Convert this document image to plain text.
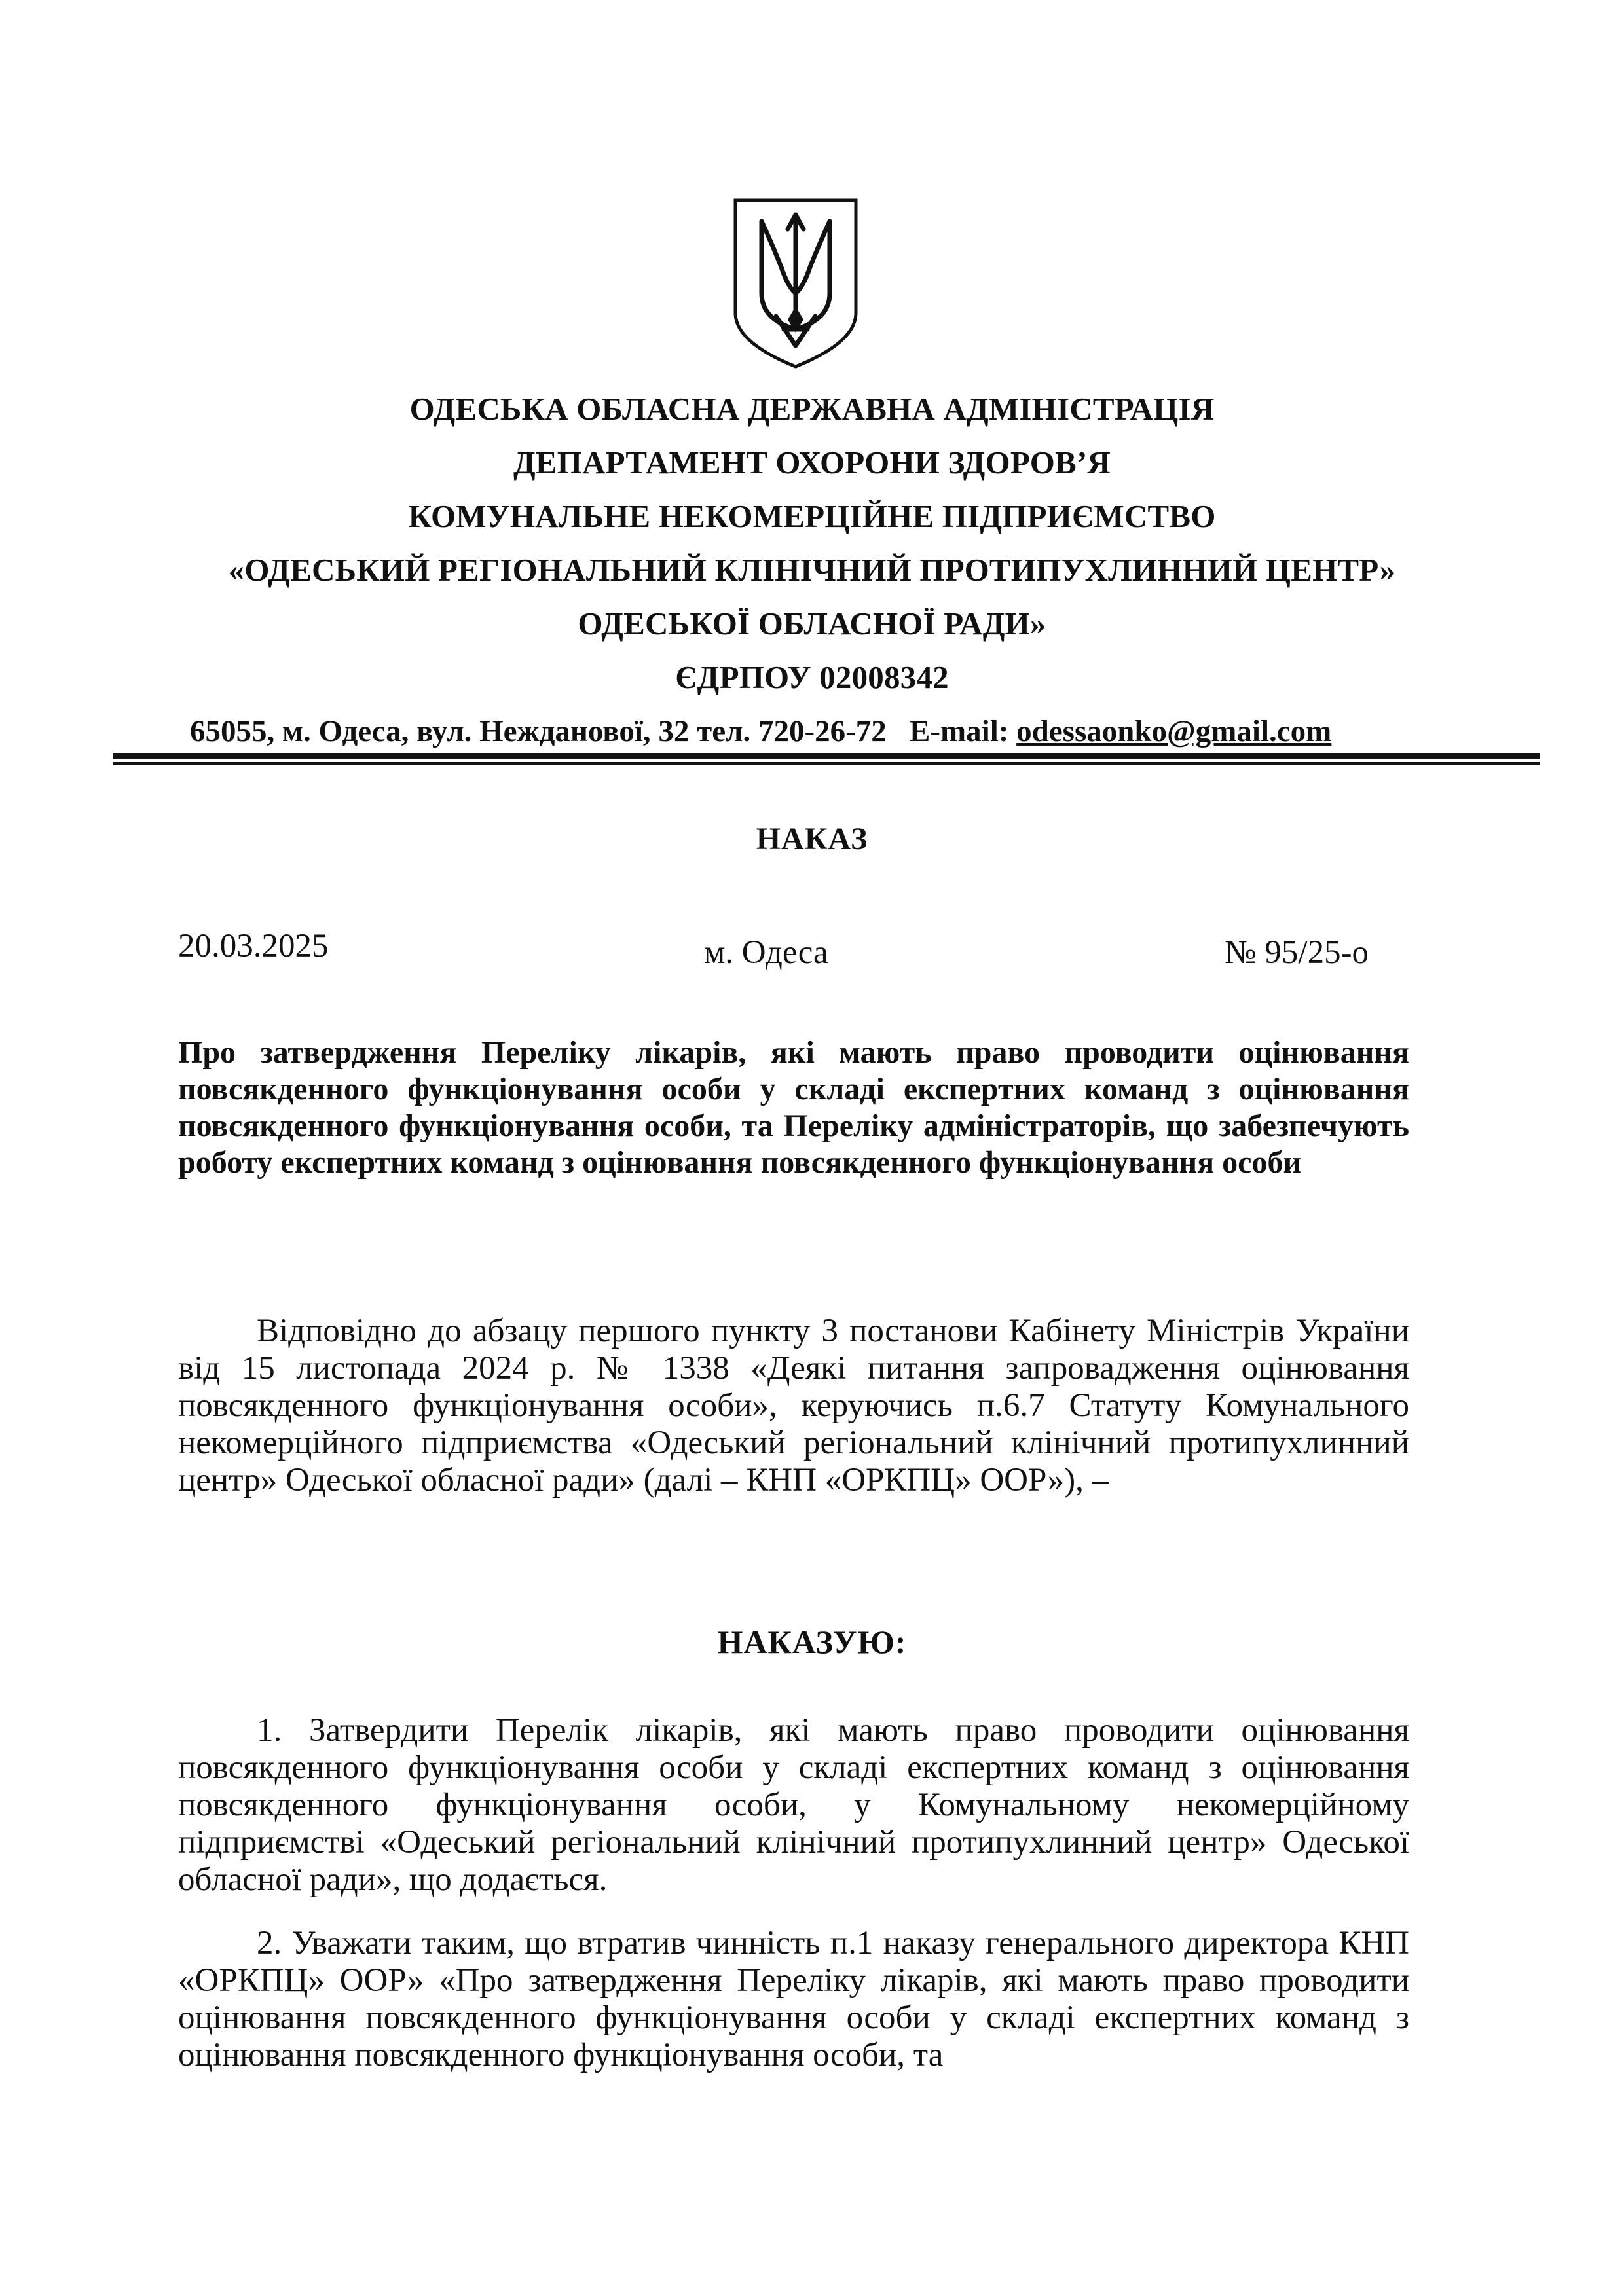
ОДЕСЬКА ОБЛАСНА ДЕРЖАВНА АДМІНІСТРАЦІЯ
ДЕПАРТАМЕНТ ОХОРОНИ ЗДОРОВ’Я
КОМУНАЛЬНЕ НЕКОМЕРЦІЙНЕ ПІДПРИЄМСТВО
«ОДЕСЬКИЙ РЕГІОНАЛЬНИЙ КЛІНІЧНИЙ ПРОТИПУХЛИННИЙ ЦЕНТР»
ОДЕСЬКОЇ ОБЛАСНОЇ РАДИ»
ЄДРПОУ 02008342
65055, м. Одеса, вул. Нежданової, 32 тел. 720-26-72 E-mail: odessaonko@gmail.com
НАКАЗ
20.03.2025	м. Одеса	№ 95/25-о
Про затвердження Переліку лікарів, які мають право проводити оцінювання повсякденного функціонування особи у складі експертних команд з оцінювання повсякденного функціонування особи, та Переліку адміністраторів, що забезпечують роботу експертних команд з оцінювання повсякденного функціонування особи
Відповідно до абзацу першого пункту 3 постанови Кабінету Міністрів України від 15 листопада 2024 р. № 1338 «Деякі питання запровадження оцінювання повсякденного функціонування особи», керуючись п.6.7 Статуту Комунального некомерційного підприємства «Одеський регіональний клінічний протипухлинний центр» Одеської обласної ради» (далі – КНП «ОРКПЦ» ООР»), –
НАКАЗУЮ:
1. Затвердити Перелік лікарів, які мають право проводити оцінювання повсякденного функціонування особи у складі експертних команд з оцінювання повсякденного функціонування особи, у Комунальному некомерційному підприємстві «Одеський регіональний клінічний протипухлинний центр» Одеської обласної ради», що додається.
2. Уважати таким, що втратив чинність п.1 наказу генерального директора КНП «ОРКПЦ» ООР» «Про затвердження Переліку лікарів, які мають право проводити оцінювання повсякденного функціонування особи у складі експертних команд з оцінювання повсякденного функціонування особи, та
